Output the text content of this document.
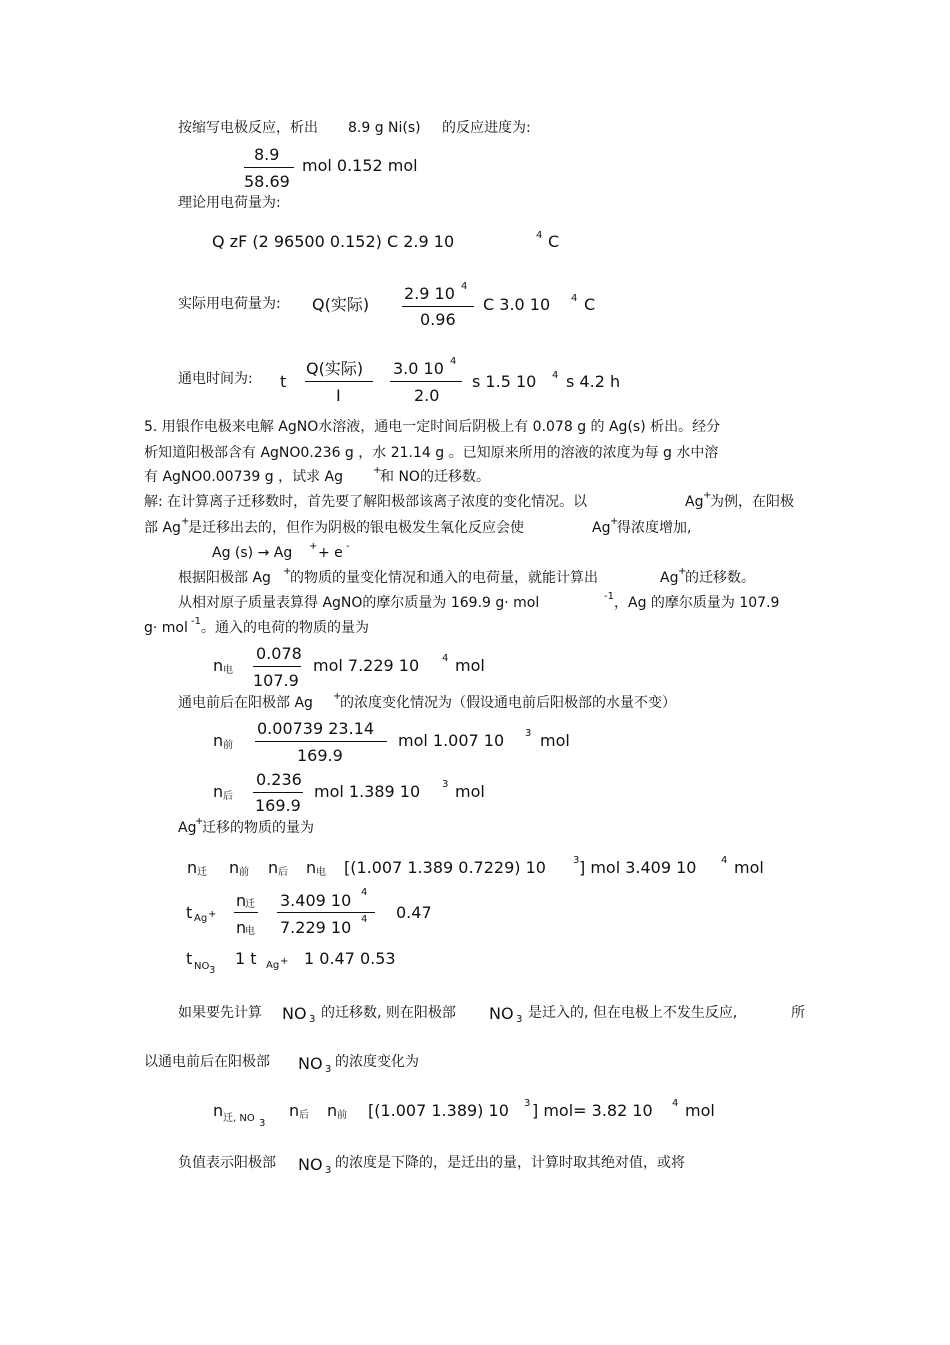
按缩写电极反应，析出 8.9 g Ni(s) 的反应进度为:
8.9
mol 0.152 mol
58.69
理论用电荷量为:
Q zF (2 96500 0.152) C 2.9 10	4 C
实际用电荷量为: Q(实际)
2.9 10 4
C 3.0 10 4 C
0.96
通电时间为: t
Q(实际) 3.0 10 4
s 1.5 10 4 s 4.2 h
I	2.0
5. 用银作电极来电解 AgNO水溶液，通电一定时间后阴极上有 0.078 g 的 Ag(s) 析出。经分
析知道阳极部含有 AgNO0.236 g ，水 21.14 g 。已知原来所用的溶液的浓度为每 g 水中溶
有 AgNO0.00739 g ，试求 Ag	+
和 NO的迁移数。
解: 在计算离子迁移数时，首先要了解阳极部该离子浓度的变化情况。以	Ag +
为例，在阳极
部 Ag +
是迁移出去的，但作为阴极的银电极发生氧化反应会使	Ag +
得浓度增加,
Ag (s) → Ag + + e -
根据阳极部 Ag +
的物质的量变化情况和通入的电荷量，就能计算出	Ag +
的迁移数。
从相对原子质量表算得 AgNO的摩尔质量为 169.9 g· mol	-1 ，Ag 的摩尔质量为 107.9
g· mol -1 。通入的电荷的物质的量为
n 电
0.078
mol 7.229 10 4 mol
107.9
通电前后在阳极部 Ag +
的浓度变化情况为（假设通电前后阳极部的水量不变）
n 前
0.00739 23.14
mol 1.007 10 3 mol
169.9
n 后
0.236
mol 1.389 10 3 mol
169.9
Ag
+
迁移的物质的量为
n 迁 n 前 n 后 n 电 [(1.007 1.389 0.7229) 10	3 ] mol 3.409 10 4 mol
t Ag +
n
迁 3.409 10 4
0.47
n
电 7.229 10 4
t NO 3
1 t Ag + 1 0.47 0.53
如果要先计算 NO 3 的迁移数, 则在阳极部 NO 3 是迁入的, 但在电极上不发生反应,	所
以通电前后在阳极部 NO 3 的浓度变化为
n 迁, NO 3
n 后 n 前 [(1.007 1.389) 10 3 ] mol= 3.82 10 4 mol
负值表示阳极部 NO 3 的浓度是下降的，是迁出的量，计算时取其绝对值，或将
